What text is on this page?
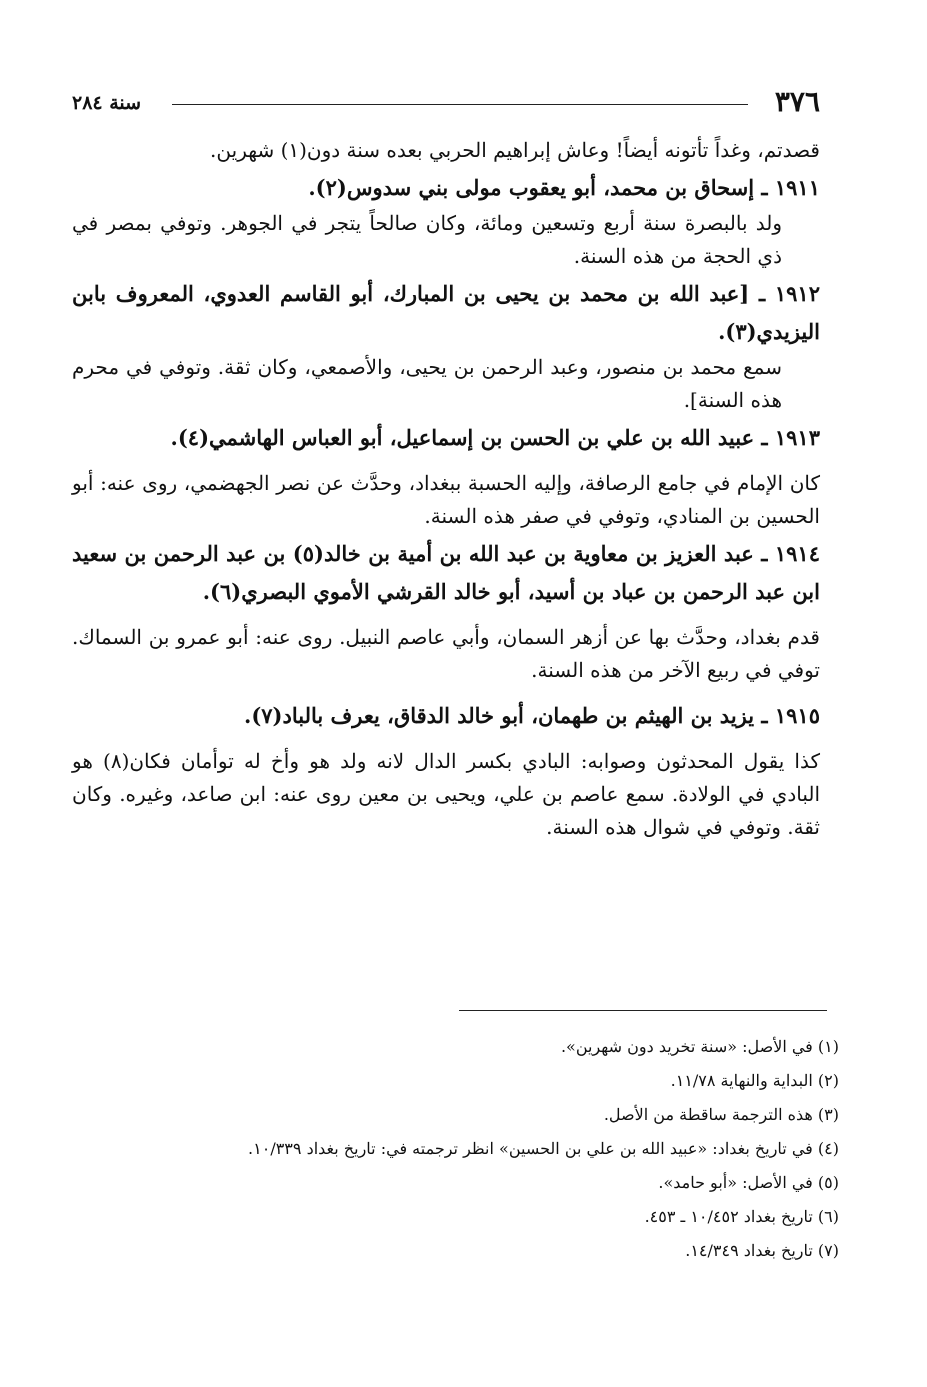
٣٧٦
سنة ٢٨٤

قصدتم، وغداً تأتونه أيضاً! وعاش إبراهيم الحربي بعده سنة دون(١) شهرين.

١٩١١ ـ إسحاق بن محمد، أبو يعقوب مولى بني سدوس(٢).

ولد بالبصرة سنة أربع وتسعين ومائة، وكان صالحاً يتجر في الجوهر. وتوفي بمصر في ذي الحجة من هذه السنة.

١٩١٢ ـ [عبد الله بن محمد بن يحيى بن المبارك، أبو القاسم العدوي، المعروف بابن اليزيدي(٣).

سمع محمد بن منصور، وعبد الرحمن بن يحيى، والأصمعي، وكان ثقة. وتوفي في محرم هذه السنة].

١٩١٣ ـ عبيد الله بن علي بن الحسن بن إسماعيل، أبو العباس الهاشمي(٤).

كان الإمام في جامع الرصافة، وإليه الحسبة ببغداد، وحدَّث عن نصر الجهضمي، روى عنه: أبو الحسين بن المنادي، وتوفي في صفر هذه السنة.

١٩١٤ ـ عبد العزيز بن معاوية بن عبد الله بن أمية بن خالد(٥) بن عبد الرحمن بن سعيد ابن عبد الرحمن بن عباد بن أسيد، أبو خالد القرشي الأموي البصري(٦).

قدم بغداد، وحدَّث بها عن أزهر السمان، وأبي عاصم النبيل. روى عنه: أبو عمرو بن السماك. توفي في ربيع الآخر من هذه السنة.

١٩١٥ ـ يزيد بن الهيثم بن طهمان، أبو خالد الدقاق، يعرف بالباد(٧).

كذا يقول المحدثون وصوابه: البادي بكسر الدال لانه ولد هو وأخ له توأمان فكان(٨) هو البادي في الولادة. سمع عاصم بن علي، ويحيى بن معين روى عنه: ابن صاعد، وغيره. وكان ثقة. وتوفي في شوال هذه السنة.

(١) في الأصل: «سنة تخريد دون شهرين».
(٢) البداية والنهاية ١١/٧٨.
(٣) هذه الترجمة ساقطة من الأصل.
(٤) في تاريخ بغداد: «عبيد الله بن علي بن الحسين» انظر ترجمته في: تاريخ بغداد ١٠/٣٣٩.
(٥) في الأصل: «أبو حامد».
(٦) تاريخ بغداد ١٠/٤٥٢ ـ ٤٥٣.
(٧) تاريخ بغداد ١٤/٣٤٩.
